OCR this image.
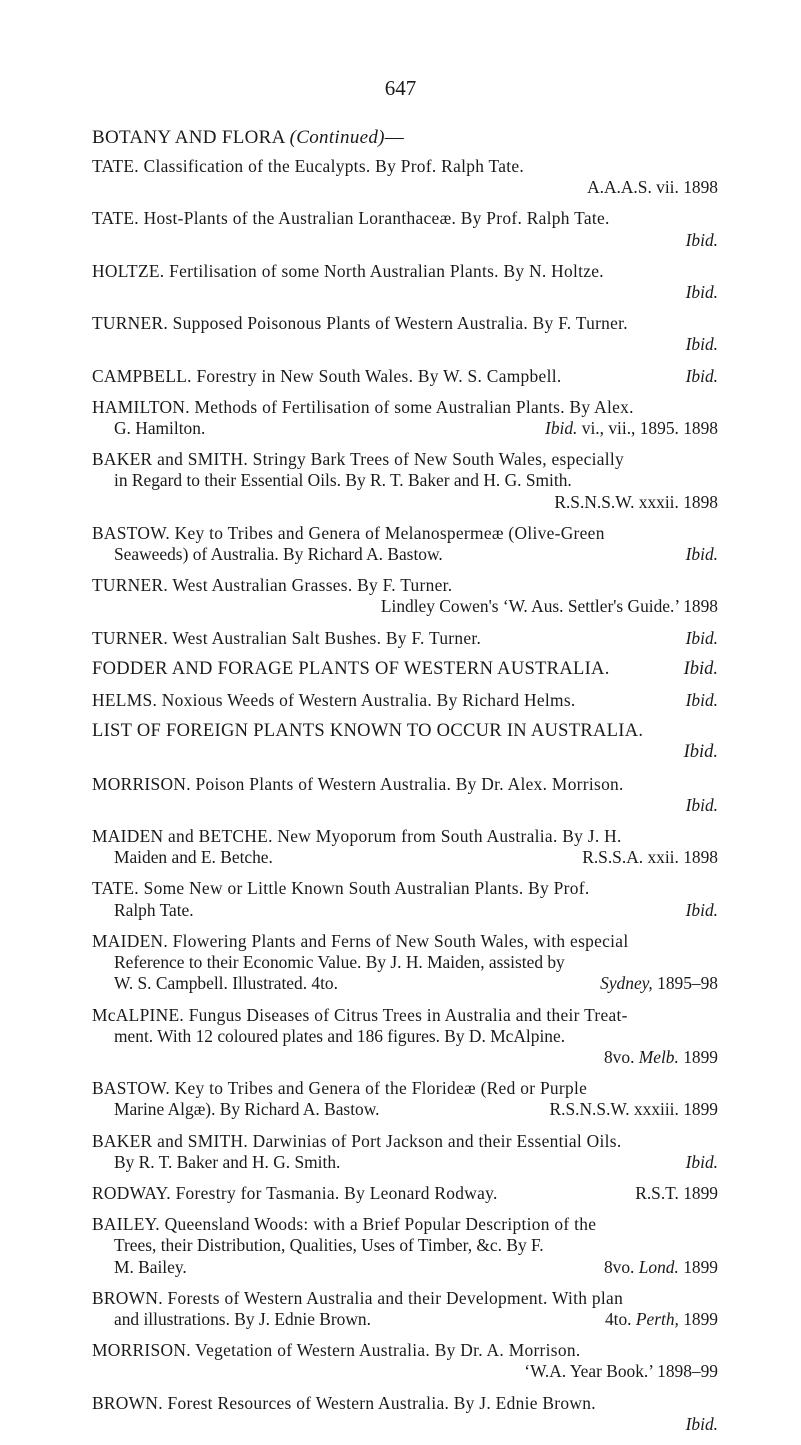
647
BOTANY AND FLORA (Continued)—
TATE. Classification of the Eucalypts. By Prof. Ralph Tate.
A.A.A.S. vii. 1898
TATE. Host-Plants of the Australian Loranthaceæ. By Prof. Ralph Tate.
Ibid.
HOLTZE. Fertilisation of some North Australian Plants. By N. Holtze.
Ibid.
TURNER. Supposed Poisonous Plants of Western Australia. By F. Turner.
Ibid.
Ibid.
CAMPBELL. Forestry in New South Wales. By W. S. Campbell.
HAMILTON. Methods of Fertilisation of some Australian Plants. By Alex.
Ibid. vi., vii., 1895. 1898
G. Hamilton.
BAKER and SMITH. Stringy Bark Trees of New South Wales, especially
in Regard to their Essential Oils. By R. T. Baker and H. G. Smith.
R.S.N.S.W. xxxii. 1898
BASTOW. Key to Tribes and Genera of Melanospermeæ (Olive-Green
Ibid.
Seaweeds) of Australia. By Richard A. Bastow.
TURNER. West Australian Grasses. By F. Turner.
Lindley Cowen's ‘W. Aus. Settler's Guide.’ 1898
Ibid.
TURNER. West Australian Salt Bushes. By F. Turner.
Ibid.
FODDER AND FORAGE PLANTS OF WESTERN AUSTRALIA.
Ibid.
HELMS. Noxious Weeds of Western Australia. By Richard Helms.
LIST OF FOREIGN PLANTS KNOWN TO OCCUR IN AUSTRALIA.
Ibid.
MORRISON. Poison Plants of Western Australia. By Dr. Alex. Morrison.
Ibid.
MAIDEN and BETCHE. New Myoporum from South Australia. By J. H.
R.S.S.A. xxii. 1898
Maiden and E. Betche.
TATE. Some New or Little Known South Australian Plants. By Prof.
Ibid.
Ralph Tate.
MAIDEN. Flowering Plants and Ferns of New South Wales, with especial
Reference to their Economic Value. By J. H. Maiden, assisted by
Sydney, 1895–98
W. S. Campbell. Illustrated. 4to.
McALPINE. Fungus Diseases of Citrus Trees in Australia and their Treat-
ment. With 12 coloured plates and 186 figures. By D. McAlpine.
8vo. Melb. 1899
BASTOW. Key to Tribes and Genera of the Florideæ (Red or Purple
R.S.N.S.W. xxxiii. 1899
Marine Algæ). By Richard A. Bastow.
BAKER and SMITH. Darwinias of Port Jackson and their Essential Oils.
Ibid.
By R. T. Baker and H. G. Smith.
R.S.T. 1899
RODWAY. Forestry for Tasmania. By Leonard Rodway.
BAILEY. Queensland Woods: with a Brief Popular Description of the
Trees, their Distribution, Qualities, Uses of Timber, &c. By F.
8vo. Lond. 1899
M. Bailey.
BROWN. Forests of Western Australia and their Development. With plan
4to. Perth, 1899
and illustrations. By J. Ednie Brown.
MORRISON. Vegetation of Western Australia. By Dr. A. Morrison.
‘W.A. Year Book.’ 1898–99
BROWN. Forest Resources of Western Australia. By J. Ednie Brown.
Ibid.
